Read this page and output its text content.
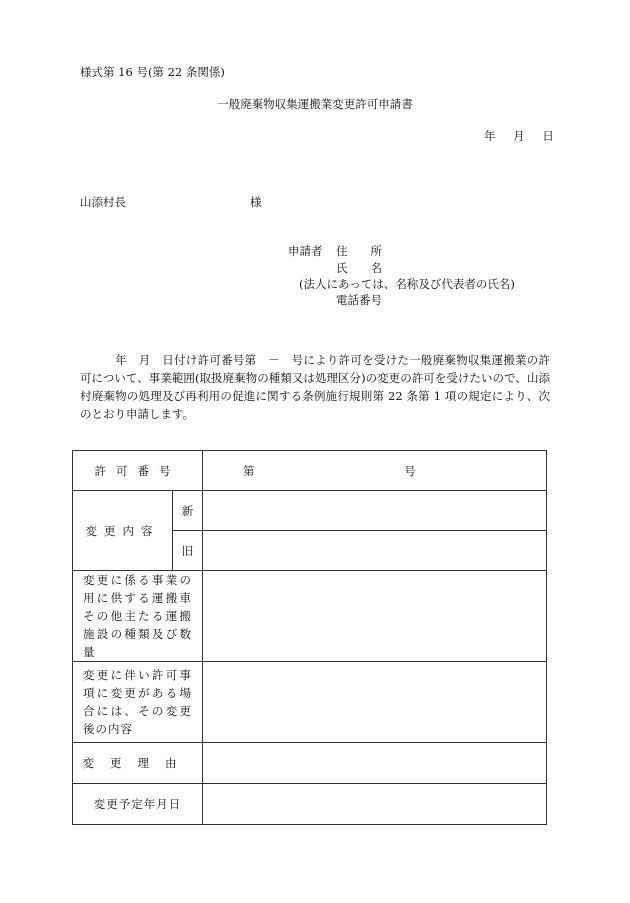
様式第 16 号(第 22 条関係)
一般廃棄物収集運搬業変更許可申請書
年 月 日
山添村長	様
申請者 住　　所
氏　　名
(法人にあっては、名称及び代表者の氏名)
電話番号
　　　年　月　日付け許可番号第　－　号により許可を受けた一般廃棄物収集運搬業の許可について、事業範囲(取扱廃棄物の種類又は処理区分)の変更の許可を受けたいので、山添村廃棄物の処理及び再利用の促進に関する条例施行規則第 22 条第 1 項の規定により、次のとおり申請します。
許可番号		第 号
変更内容	新	
	旧	
変更に係る事業の用に供する運搬車その他主たる運搬施設の種類及び数量		
変更に伴い許可事項に変更がある場合には、その変更後の内容		
変更理由		
変更予定年月日		
